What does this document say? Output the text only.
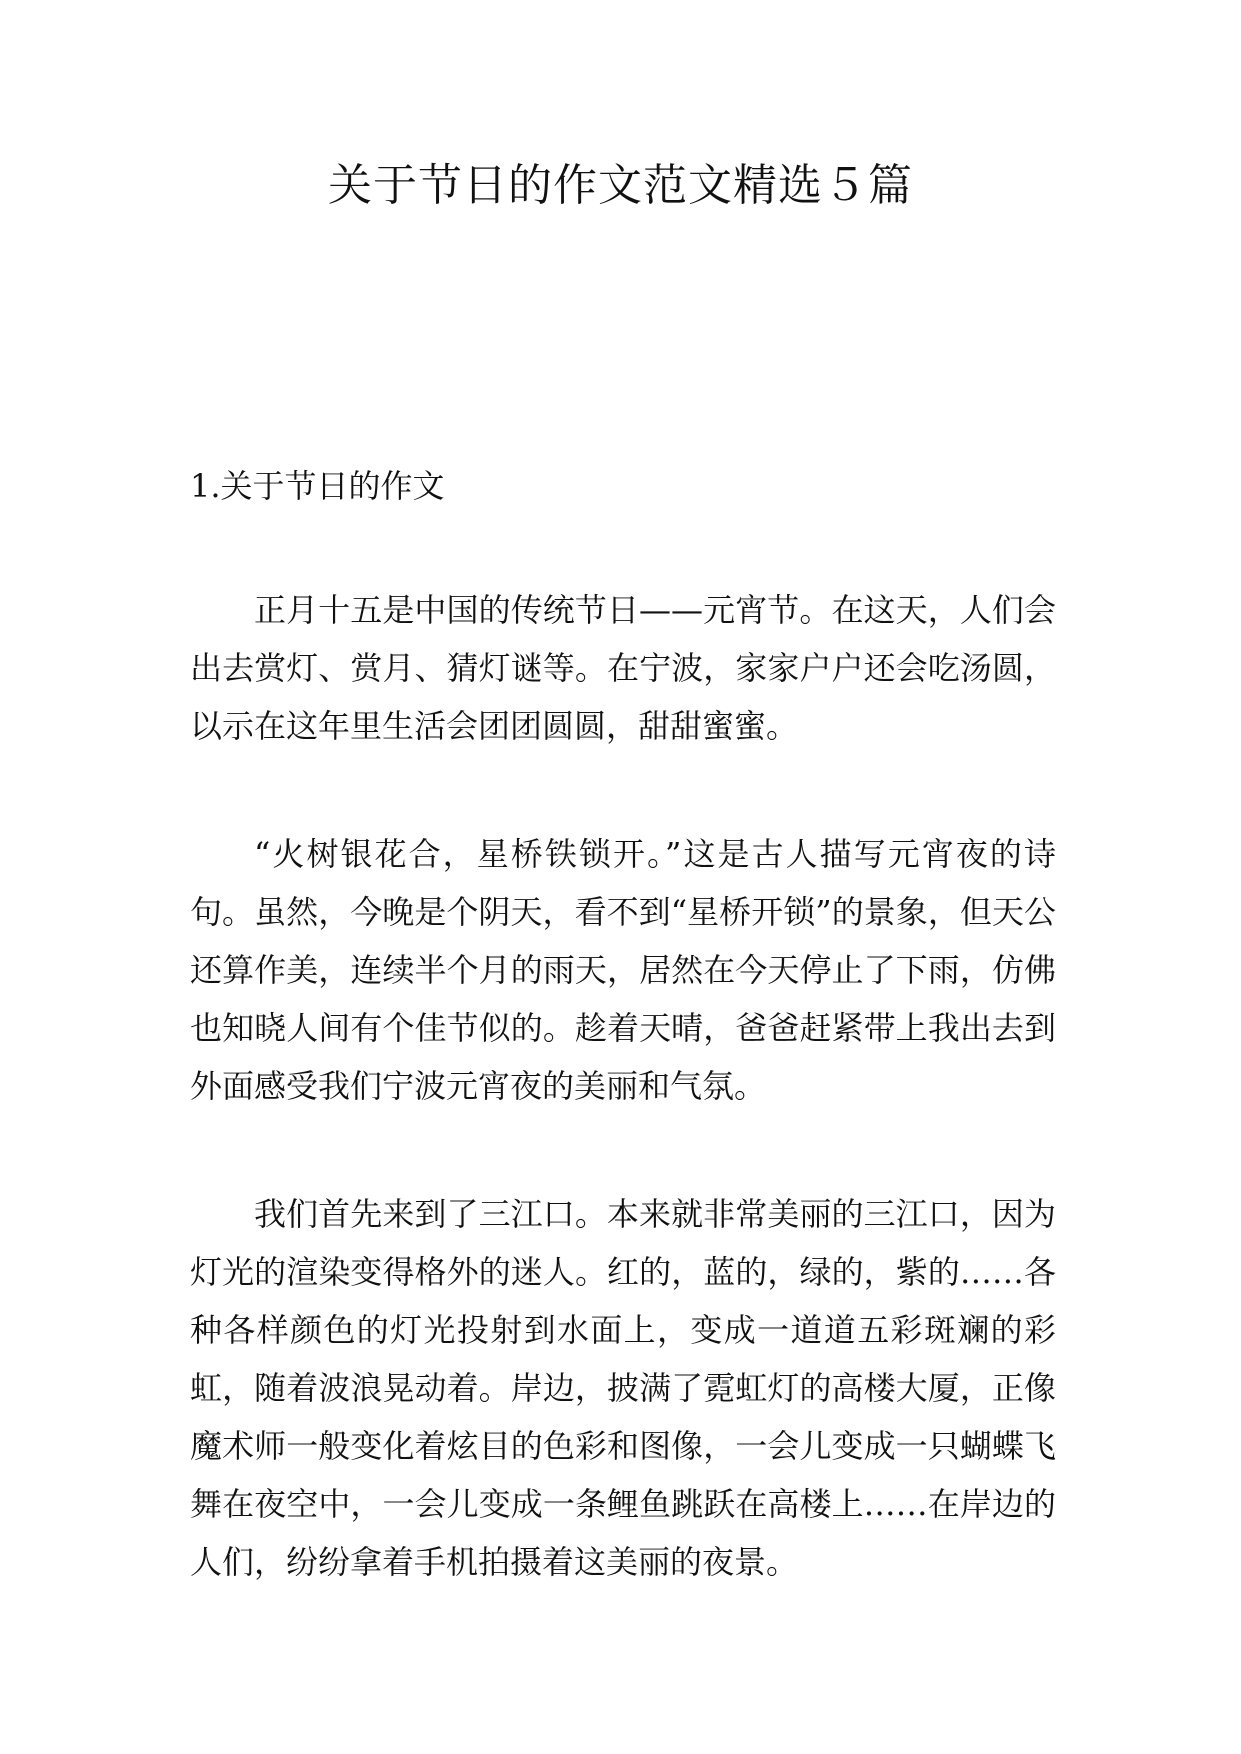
关于节日的作文范文精选５篇
1.关于节日的作文

正月十五是中国的传统节日——元宵节。在这天，人们会出去赏灯、赏月、猜灯谜等。在宁波，家家户户还会吃汤圆，以示在这年里生活会团团圆圆，甜甜蜜蜜。

“火树银花合，星桥铁锁开。”这是古人描写元宵夜的诗句。虽然，今晚是个阴天，看不到“星桥开锁”的景象，但天公还算作美，连续半个月的雨天，居然在今天停止了下雨，仿佛也知晓人间有个佳节似的。趁着天晴，爸爸赶紧带上我出去到外面感受我们宁波元宵夜的美丽和气氛。

我们首先来到了三江口。本来就非常美丽的三江口，因为灯光的渲染变得格外的迷人。红的，蓝的，绿的，紫的……各种各样颜色的灯光投射到水面上，变成一道道五彩斑斓的彩虹，随着波浪晃动着。岸边，披满了霓虹灯的高楼大厦，正像魔术师一般变化着炫目的色彩和图像，一会儿变成一只蝴蝶飞舞在夜空中，一会儿变成一条鲤鱼跳跃在高楼上……在岸边的人们，纷纷拿着手机拍摄着这美丽的夜景。
